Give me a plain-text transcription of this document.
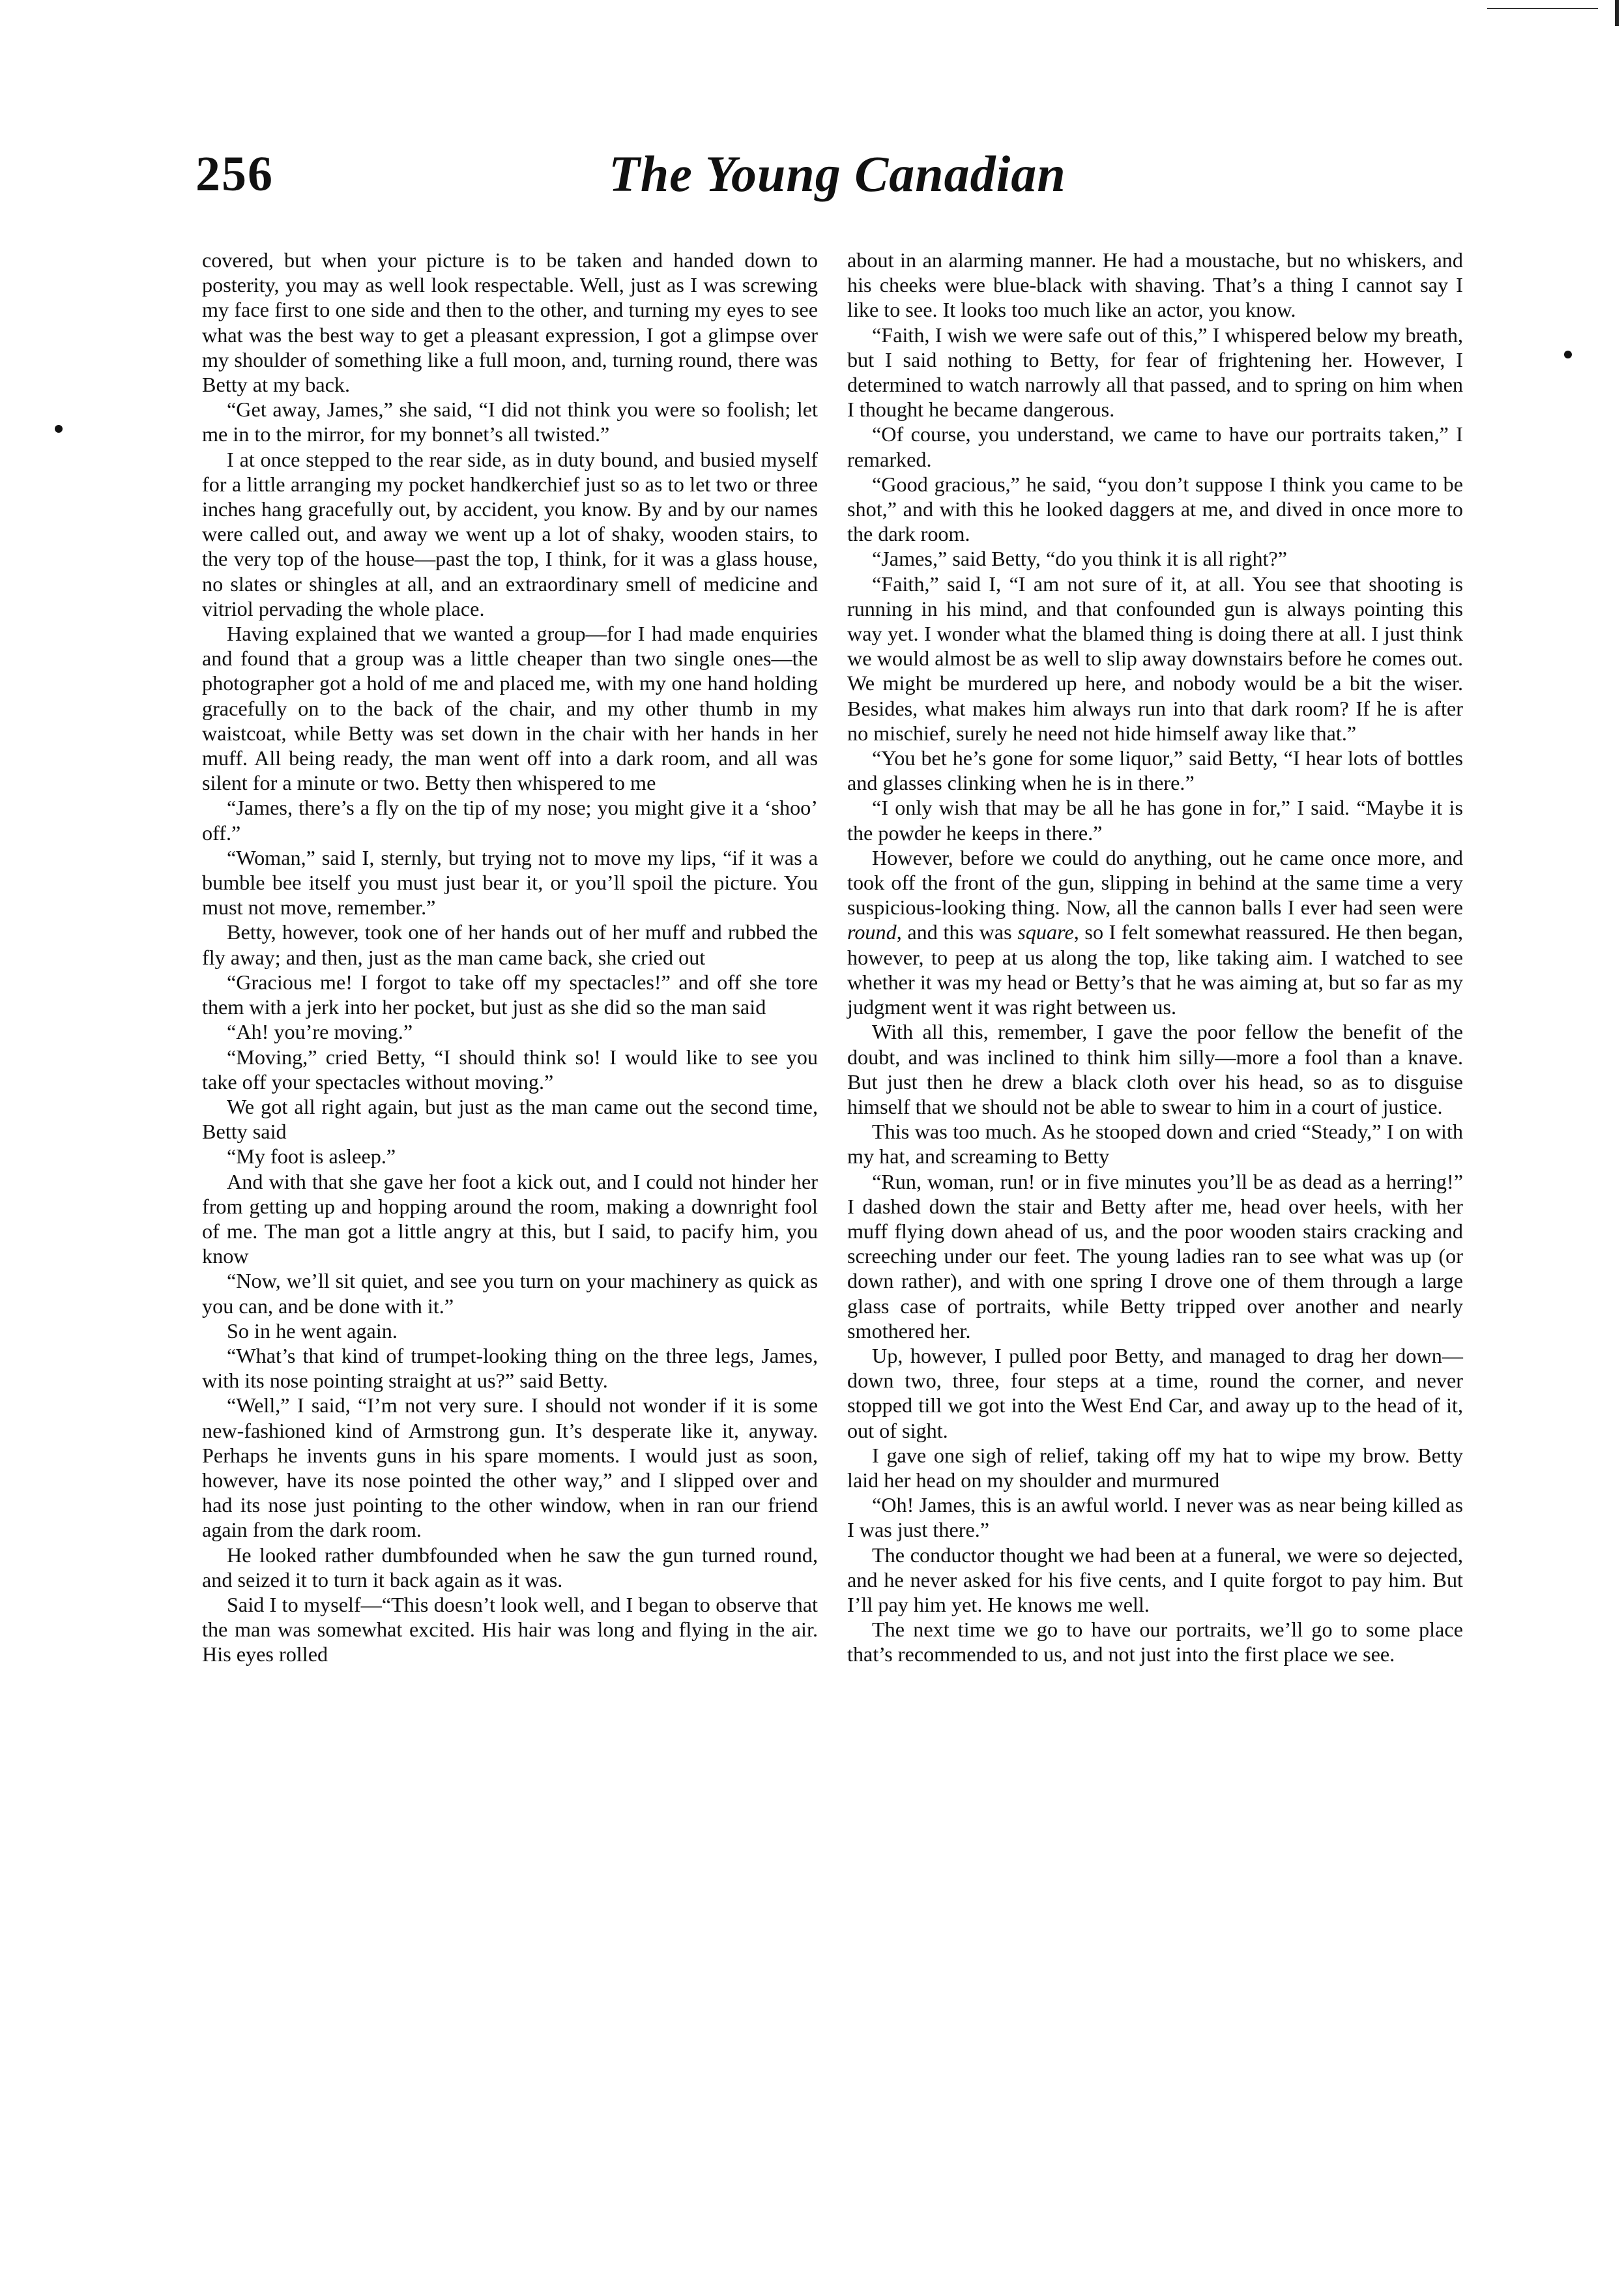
256	The Young Canadian

covered, but when your picture is to be taken and handed down to posterity, you may as well look respectable. Well, just as I was screwing my face first to one side and then to the other, and turning my eyes to see what was the best way to get a pleasant expression, I got a glimpse over my shoulder of something like a full moon, and, turning round, there was Betty at my back.

“Get away, James,” she said, “I did not think you were so foolish; let me in to the mirror, for my bonnet’s all twisted.”

I at once stepped to the rear side, as in duty bound, and busied myself for a little arranging my pocket handkerchief just so as to let two or three inches hang gracefully out, by accident, you know. By and by our names were called out, and away we went up a lot of shaky, wooden stairs, to the very top of the house—past the top, I think, for it was a glass house, no slates or shingles at all, and an extraordinary smell of medicine and vitriol pervading the whole place.

Having explained that we wanted a group—for I had made enquiries and found that a group was a little cheaper than two single ones—the photographer got a hold of me and placed me, with my one hand holding gracefully on to the back of the chair, and my other thumb in my waistcoat, while Betty was set down in the chair with her hands in her muff. All being ready, the man went off into a dark room, and all was silent for a minute or two. Betty then whispered to me

“James, there’s a fly on the tip of my nose; you might give it a ‘shoo’ off.”

“Woman,” said I, sternly, but trying not to move my lips, “if it was a bumble bee itself you must just bear it, or you’ll spoil the picture. You must not move, remember.”

Betty, however, took one of her hands out of her muff and rubbed the fly away; and then, just as the man came back, she cried out

“Gracious me! I forgot to take off my spectacles!” and off she tore them with a jerk into her pocket, but just as she did so the man said

“Ah! you’re moving.”

“Moving,” cried Betty, “I should think so! I would like to see you take off your spectacles without moving.”

We got all right again, but just as the man came out the second time, Betty said

“My foot is asleep.”

And with that she gave her foot a kick out, and I could not hinder her from getting up and hopping around the room, making a downright fool of me. The man got a little angry at this, but I said, to pacify him, you know

“Now, we’ll sit quiet, and see you turn on your machinery as quick as you can, and be done with it.”

So in he went again.

“What’s that kind of trumpet-looking thing on the three legs, James, with its nose pointing straight at us?” said Betty.

“Well,” I said, “I’m not very sure. I should not wonder if it is some new-fashioned kind of Armstrong gun. It’s desperate like it, anyway. Perhaps he invents guns in his spare moments. I would just as soon, however, have its nose pointed the other way,” and I slipped over and had its nose just pointing to the other window, when in ran our friend again from the dark room.

He looked rather dumbfounded when he saw the gun turned round, and seized it to turn it back again as it was.

Said I to myself—“This doesn’t look well, and I began to observe that the man was somewhat excited. His hair was long and flying in the air. His eyes rolled

about in an alarming manner. He had a moustache, but no whiskers, and his cheeks were blue-black with shaving. That’s a thing I cannot say I like to see. It looks too much like an actor, you know.

“Faith, I wish we were safe out of this,” I whispered below my breath, but I said nothing to Betty, for fear of frightening her. However, I determined to watch narrowly all that passed, and to spring on him when I thought he became dangerous.

“Of course, you understand, we came to have our portraits taken,” I remarked.

“Good gracious,” he said, “you don’t suppose I think you came to be shot,” and with this he looked daggers at me, and dived in once more to the dark room.

“James,” said Betty, “do you think it is all right?”

“Faith,” said I, “I am not sure of it, at all. You see that shooting is running in his mind, and that confounded gun is always pointing this way yet. I wonder what the blamed thing is doing there at all. I just think we would almost be as well to slip away downstairs before he comes out. We might be murdered up here, and nobody would be a bit the wiser. Besides, what makes him always run into that dark room? If he is after no mischief, surely he need not hide himself away like that.”

“You bet he’s gone for some liquor,” said Betty, “I hear lots of bottles and glasses clinking when he is in there.”

“I only wish that may be all he has gone in for,” I said. “Maybe it is the powder he keeps in there.”

However, before we could do anything, out he came once more, and took off the front of the gun, slipping in behind at the same time a very suspicious-looking thing. Now, all the cannon balls I ever had seen were round, and this was square, so I felt somewhat reassured. He then began, however, to peep at us along the top, like taking aim. I watched to see whether it was my head or Betty’s that he was aiming at, but so far as my judgment went it was right between us.

With all this, remember, I gave the poor fellow the benefit of the doubt, and was inclined to think him silly—more a fool than a knave. But just then he drew a black cloth over his head, so as to disguise himself that we should not be able to swear to him in a court of justice.

This was too much. As he stooped down and cried “Steady,” I on with my hat, and screaming to Betty

“Run, woman, run! or in five minutes you’ll be as dead as a herring!” I dashed down the stair and Betty after me, head over heels, with her muff flying down ahead of us, and the poor wooden stairs cracking and screeching under our feet. The young ladies ran to see what was up (or down rather), and with one spring I drove one of them through a large glass case of portraits, while Betty tripped over another and nearly smothered her.

Up, however, I pulled poor Betty, and managed to drag her down—down two, three, four steps at a time, round the corner, and never stopped till we got into the West End Car, and away up to the head of it, out of sight.

I gave one sigh of relief, taking off my hat to wipe my brow. Betty laid her head on my shoulder and murmured

“Oh! James, this is an awful world. I never was as near being killed as I was just there.”

The conductor thought we had been at a funeral, we were so dejected, and he never asked for his five cents, and I quite forgot to pay him. But I’ll pay him yet. He knows me well.

The next time we go to have our portraits, we’ll go to some place that’s recommended to us, and not just into the first place we see.
